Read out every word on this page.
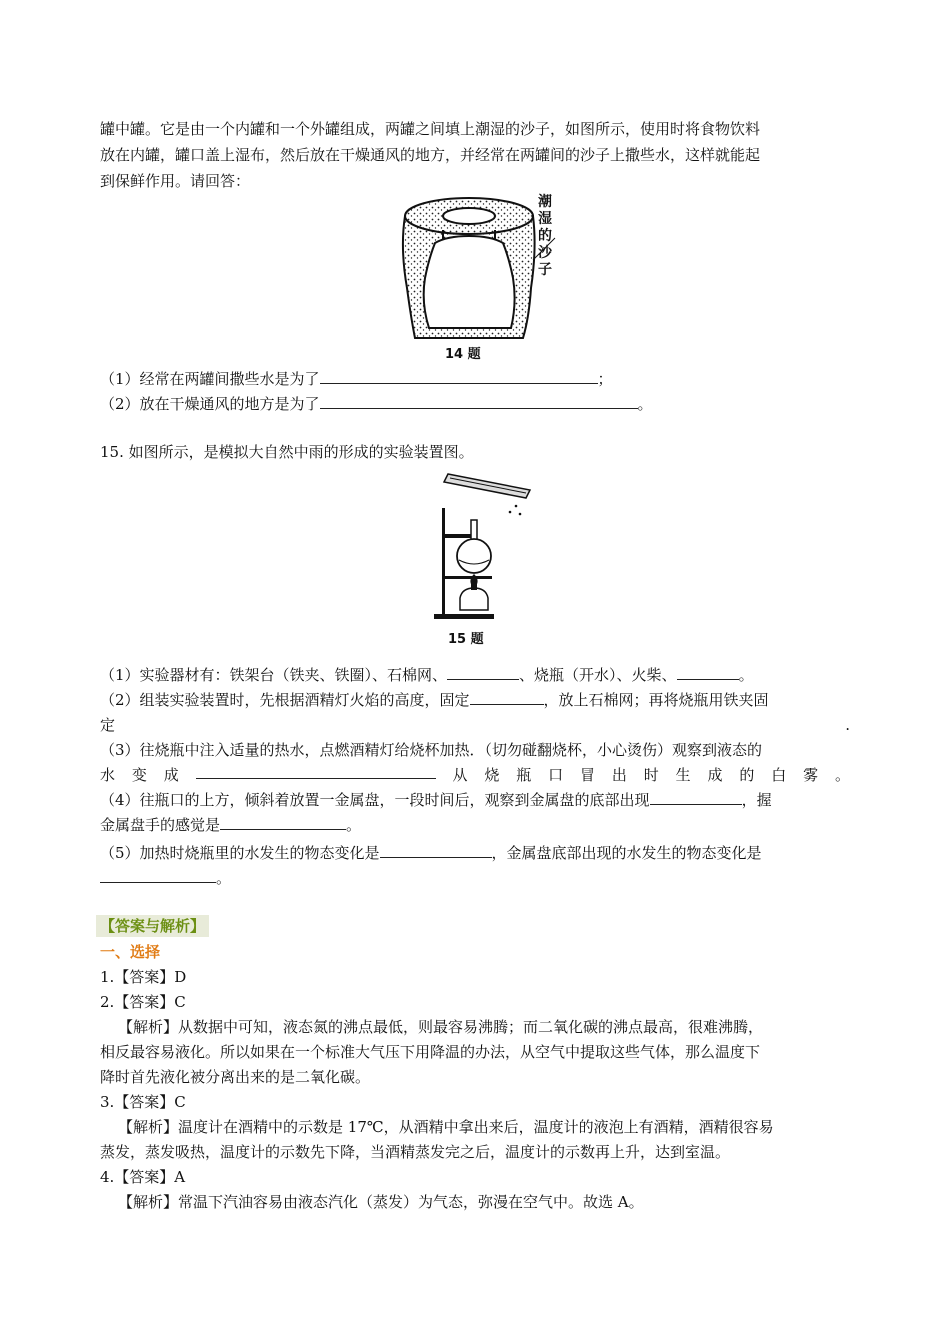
罐中罐。它是由一个内罐和一个外罐组成，两罐之间填上潮湿的沙子，如图所示，使用时将食物饮料
放在内罐，罐口盖上湿布，然后放在干燥通风的地方，并经常在两罐间的沙子上撒些水，这样就能起
到保鲜作用。请回答：
潮湿的沙子
14 题
（1）经常在两罐间撒些水是为了	；
（2）放在干燥通风的地方是为了	。
15. 如图所示，是模拟大自然中雨的形成的实验装置图。
15 题
（1）实验器材有：铁架台（铁夹、铁圈）、石棉网、	、烧瓶（开水）、火柴、	。
（2）组装实验装置时，先根据酒精灯火焰的高度，固定	，放上石棉网；再将烧瓶用铁夹固
定	.
（3）往烧瓶中注入适量的热水，点燃酒精灯给烧杯加热．（切勿碰翻烧杯，小心烫伤）观察到液态的
水 变 成	从 烧 瓶 口 冒 出 时 生 成 的 白 雾 。
（4）往瓶口的上方，倾斜着放置一金属盘，一段时间后，观察到金属盘的底部出现	，握
金属盘手的感觉是	。
（5）加热时烧瓶里的水发生的物态变化是	，金属盘底部出现的水发生的物态变化是
。
【答案与解析】
一、选择
1.【答案】D
2.【答案】C
【解析】从数据中可知，液态氮的沸点最低，则最容易沸腾；而二氧化碳的沸点最高，很难沸腾，
相反最容易液化。所以如果在一个标准大气压下用降温的办法，从空气中提取这些气体，那么温度下
降时首先液化被分离出来的是二氧化碳。
3.【答案】C
【解析】温度计在酒精中的示数是 17℃，从酒精中拿出来后，温度计的液泡上有酒精，酒精很容易
蒸发，蒸发吸热，温度计的示数先下降，当酒精蒸发完之后，温度计的示数再上升，达到室温。
4.【答案】A
【解析】常温下汽油容易由液态汽化（蒸发）为气态，弥漫在空气中。故选 A。
